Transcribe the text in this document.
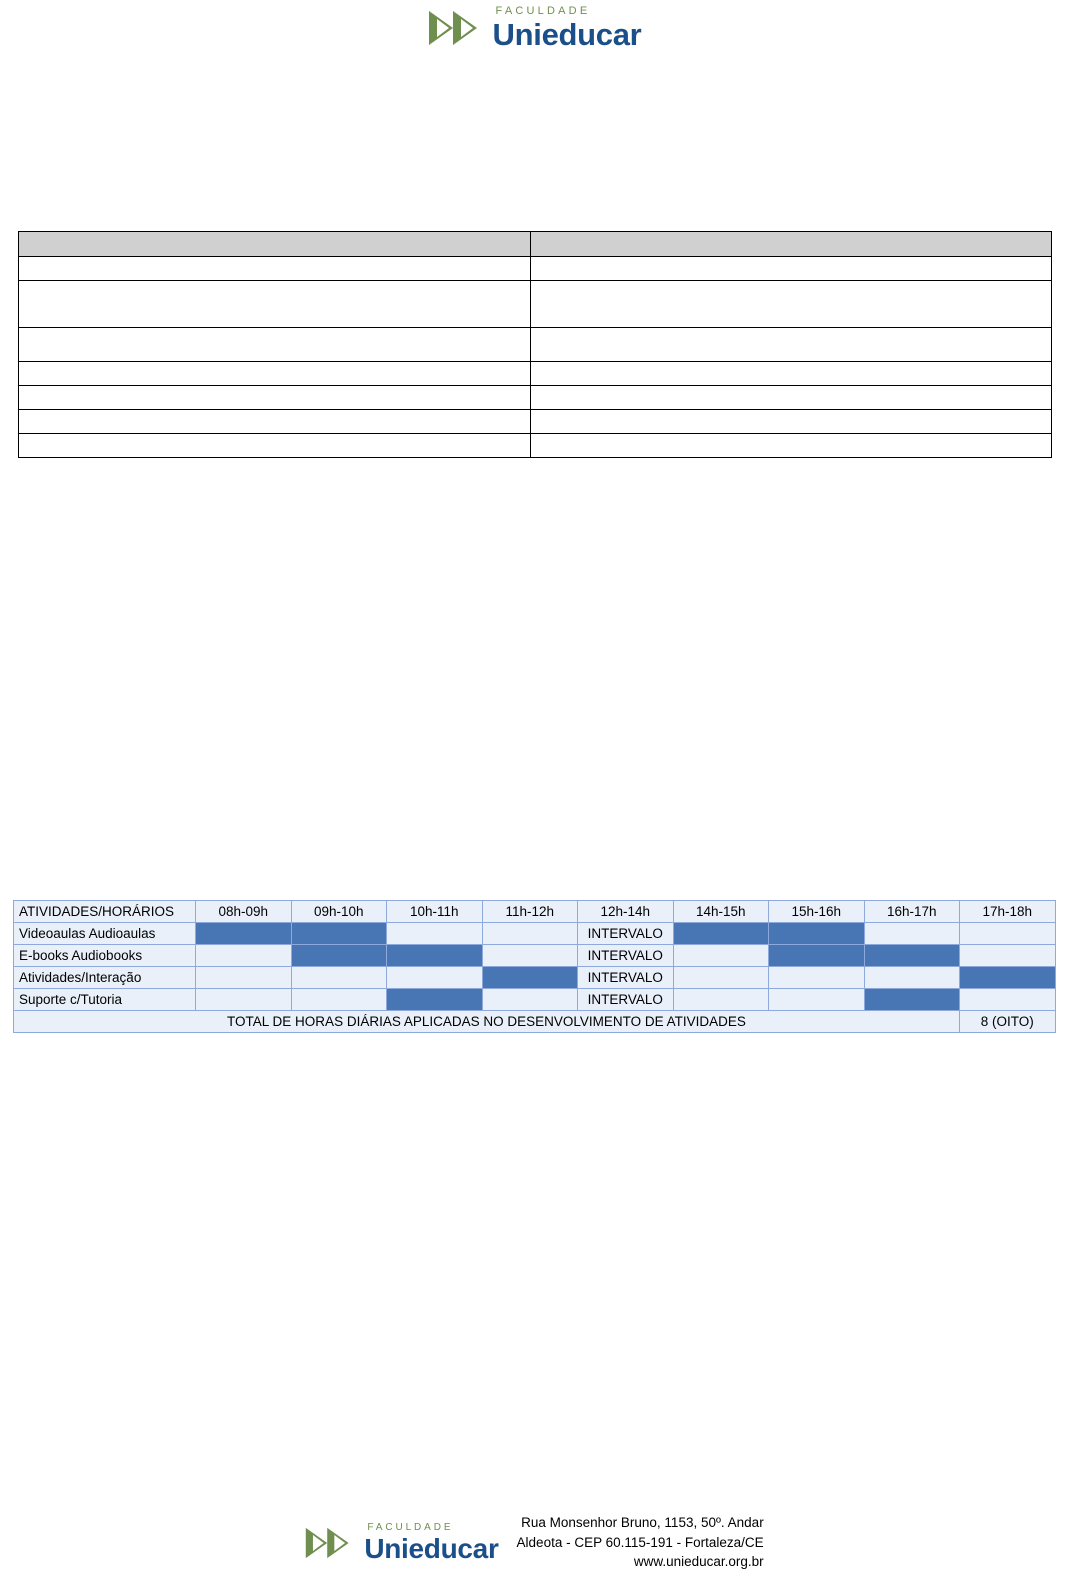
FACULDADE
Unieducar

ATIVIDADES/HORÁRIOS	08h-09h	09h-10h	10h-11h	11h-12h	12h-14h	14h-15h	15h-16h	16h-17h	17h-18h
Videoaulas Audioaulas					INTERVALO				
E-books Audiobooks					INTERVALO				
Atividades/Interação					INTERVALO				
Suporte c/Tutoria					INTERVALO				
TOTAL DE HORAS DIÁRIAS APLICADAS NO DESENVOLVIMENTO DE ATIVIDADES									8 (OITO)
FACULDADE
Unieducar
Rua Monsenhor Bruno, 1153, 50º. Andar
Aldeota - CEP 60.115-191 - Fortaleza/CE
www.unieducar.org.br
